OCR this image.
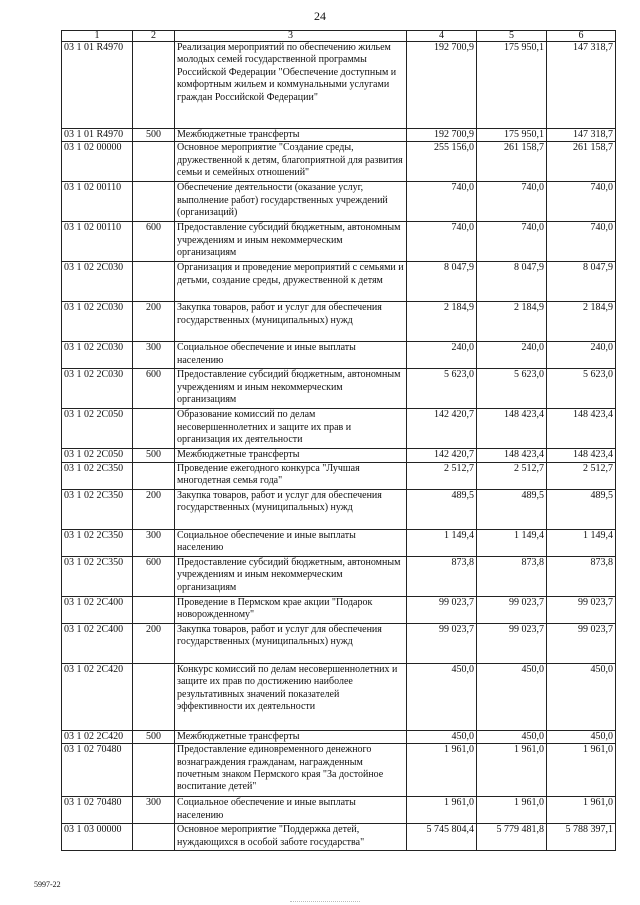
24
1	2	3	4	5	6
03 1 01 R4970		Реализация мероприятий по обеспечению жильем молодых семей государственной программы Российской Федерации "Обеспечение доступным и комфортным жильем и коммунальными услугами граждан Российской Федерации"	192 700,9	175 950,1	147 318,7
03 1 01 R4970	500	Межбюджетные трансферты	192 700,9	175 950,1	147 318,7
03 1 02 00000		Основное мероприятие "Создание среды, дружественной к детям, благоприятной для развития семьи и семейных отношений"	255 156,0	261 158,7	261 158,7
03 1 02 00110		Обеспечение деятельности (оказание услуг, выполнение работ) государственных учреждений (организаций)	740,0	740,0	740,0
03 1 02 00110	600	Предоставление субсидий бюджетным, автономным учреждениям и иным некоммерческим организациям	740,0	740,0	740,0
03 1 02 2С030		Организация и проведение мероприятий с семьями и детьми, создание среды, дружественной к детям	8 047,9	8 047,9	8 047,9
03 1 02 2С030	200	Закупка товаров, работ и услуг для обеспечения государственных (муниципальных) нужд	2 184,9	2 184,9	2 184,9
03 1 02 2С030	300	Социальное обеспечение и иные выплаты населению	240,0	240,0	240,0
03 1 02 2С030	600	Предоставление субсидий бюджетным, автономным учреждениям и иным некоммерческим организациям	5 623,0	5 623,0	5 623,0
03 1 02 2С050		Образование комиссий по делам несовершеннолетних и защите их прав и организация их деятельности	142 420,7	148 423,4	148 423,4
03 1 02 2С050	500	Межбюджетные трансферты	142 420,7	148 423,4	148 423,4
03 1 02 2С350		Проведение ежегодного конкурса "Лучшая многодетная семья года"	2 512,7	2 512,7	2 512,7
03 1 02 2С350	200	Закупка товаров, работ и услуг для обеспечения государственных (муниципальных) нужд	489,5	489,5	489,5
03 1 02 2С350	300	Социальное обеспечение и иные выплаты населению	1 149,4	1 149,4	1 149,4
03 1 02 2С350	600	Предоставление субсидий бюджетным, автономным учреждениям и иным некоммерческим организациям	873,8	873,8	873,8
03 1 02 2С400		Проведение в Пермском крае акции "Подарок новорожденному"	99 023,7	99 023,7	99 023,7
03 1 02 2С400	200	Закупка товаров, работ и услуг для обеспечения государственных (муниципальных) нужд	99 023,7	99 023,7	99 023,7
03 1 02 2С420		Конкурс комиссий по делам несовершеннолетних и защите их прав по достижению наиболее результативных значений показателей эффективности их деятельности	450,0	450,0	450,0
03 1 02 2С420	500	Межбюджетные трансферты	450,0	450,0	450,0
03 1 02 70480		Предоставление единовременного денежного вознаграждения гражданам, награжденным почетным знаком Пермского края "За достойное воспитание детей"	1 961,0	1 961,0	1 961,0
03 1 02 70480	300	Социальное обеспечение и иные выплаты населению	1 961,0	1 961,0	1 961,0
03 1 03 00000		Основное мероприятие "Поддержка детей, нуждающихся в особой заботе государства"	5 745 804,4	5 779 481,8	5 788 397,1
5997-22
